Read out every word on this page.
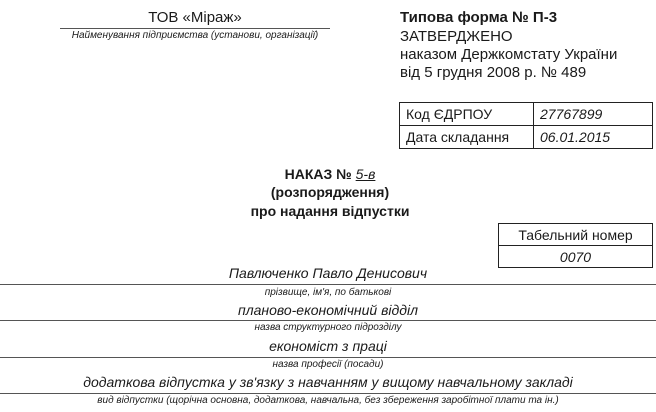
ТОВ «Міраж»
Найменування підприємства (установи, організації)
Типова форма № П-3
ЗАТВЕРДЖЕНО
наказом Держкомстату України
від 5 грудня 2008 р. № 489
Код ЄДРПОУ	27767899
Дата складання 06.01.2015
НАКАЗ № 5-в
(розпорядження)
про надання відпустки
Табельний номер
0070
Павлюченко Павло Денисович
прізвище, ім'я, по батькові
планово-економічний відділ
назва структурного підрозділу
економіст з праці
назва професії (посади)
додаткова відпустка у зв'язку з навчанням у вищому навчальному закладі
вид відпустки (щорічна основна, додаткова, навчальна, без збереження заробітної плати та ін.)
